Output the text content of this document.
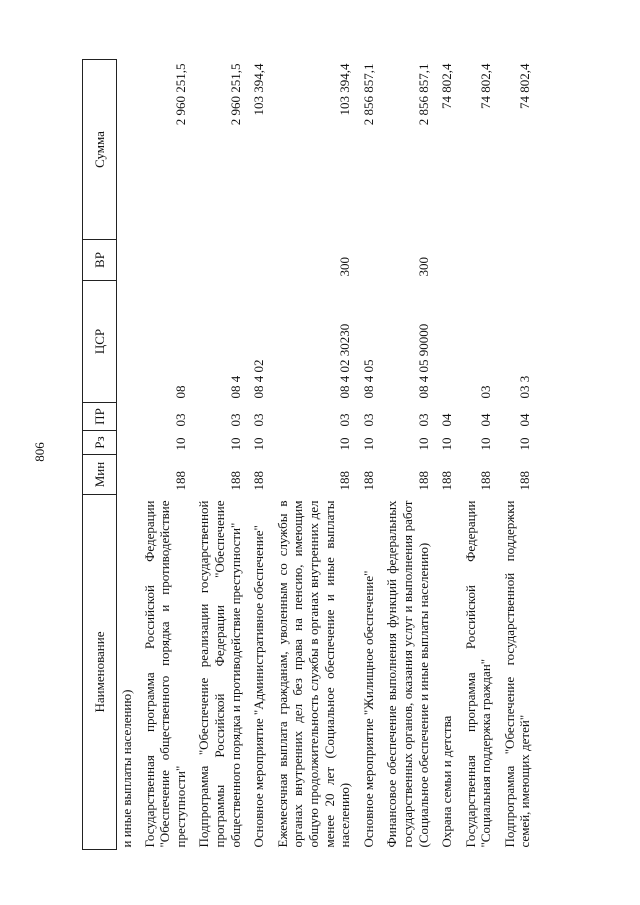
806
Наименование	Мин	Рз	ПР	ЦСР	ВР	Сумма
и иные выплаты населению)						
Государственная программа Российской Федерации "Обеспечение общественного порядка и противодействие преступности"	188	10	03	08		2 960 251,5
Подпрограмма "Обеспечение реализации государственной программы Российской Федерации "Обеспечение общественного порядка и противодействие преступности"	188	10	03	08 4		2 960 251,5
Основное мероприятие "Административное обеспечение"	188	10	03	08 4 02		103 394,4
Ежемесячная выплата гражданам, уволенным со службы в органах внутренних дел без права на пенсию, имеющим общую продолжительность службы в органах внутренних дел менее 20 лет (Социальное обеспечение и иные выплаты населению)	188	10	03	08 4 02 30230	300	103 394,4
Основное мероприятие "Жилищное обеспечение"	188	10	03	08 4 05		2 856 857,1
Финансовое обеспечение выполнения функций федеральных государственных органов, оказания услуг и выполнения работ (Социальное обеспечение и иные выплаты населению)	188	10	03	08 4 05 90000	300	2 856 857,1
Охрана семьи и детства	188	10	04			74 802,4
Государственная программа Российской Федерации "Социальная поддержка граждан"	188	10	04	03		74 802,4
Подпрограмма "Обеспечение государственной поддержки семей, имеющих детей"	188	10	04	03 3		74 802,4
